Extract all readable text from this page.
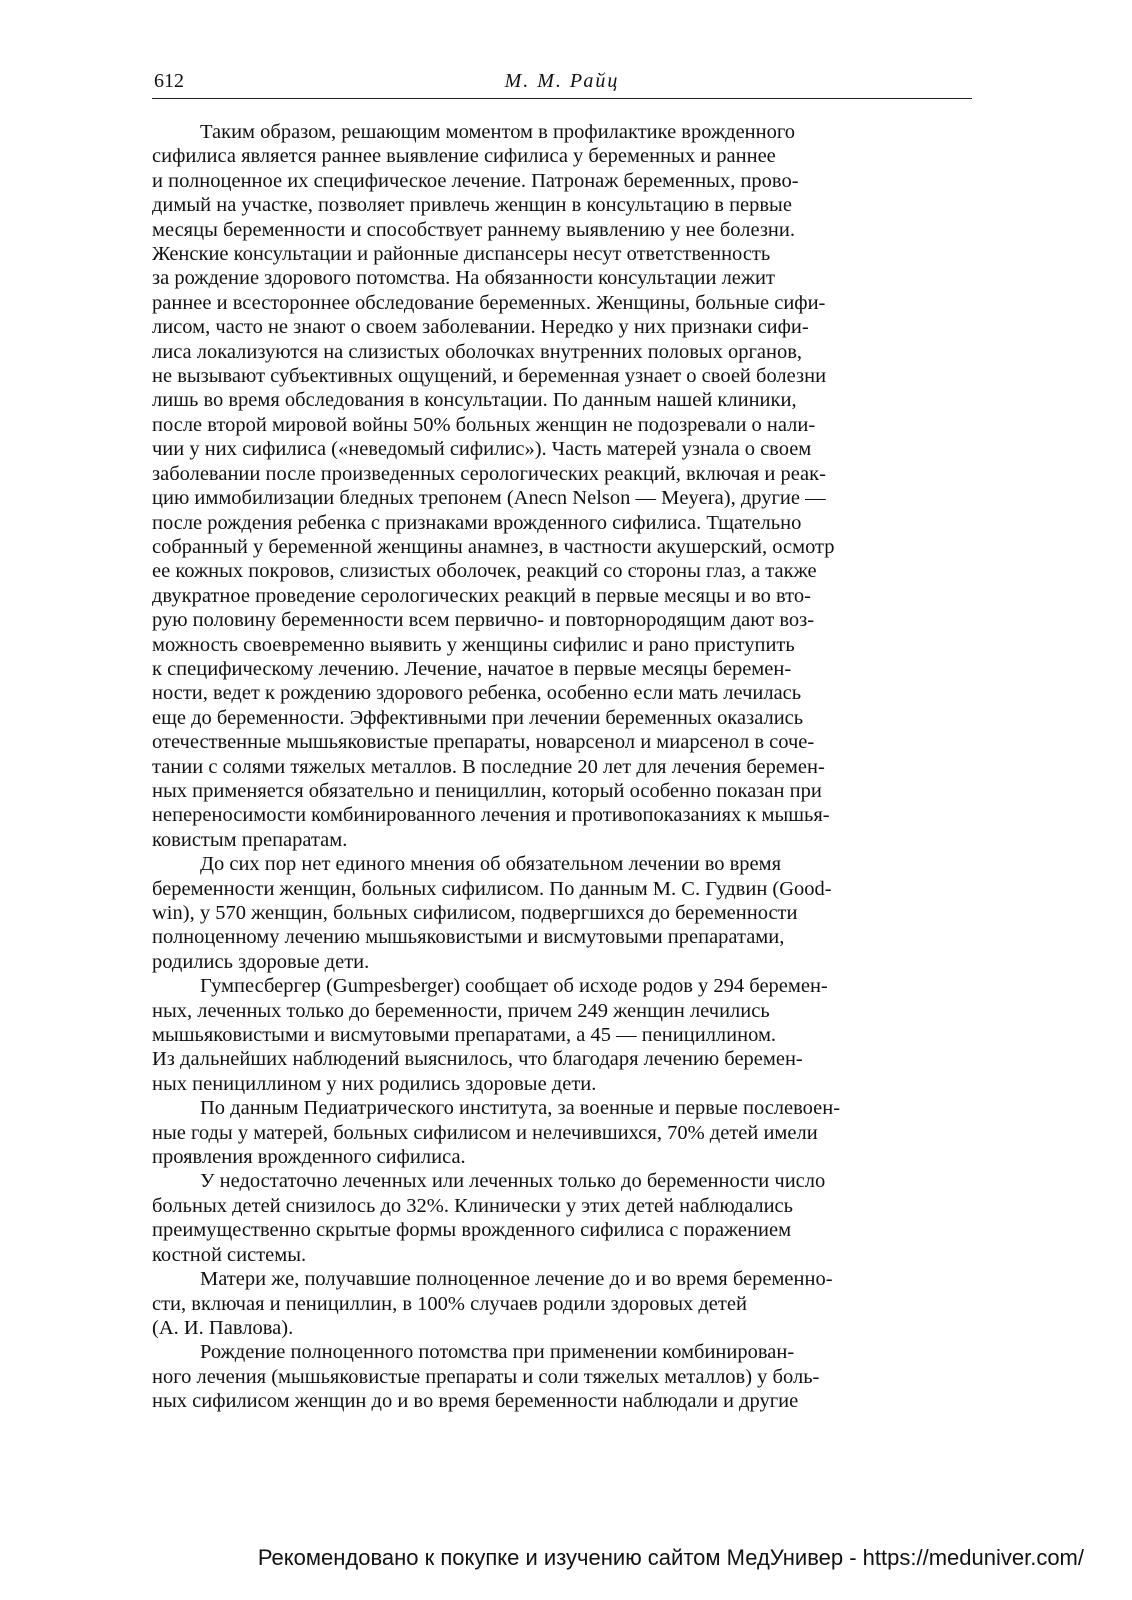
612	М. М. Райц

Таким образом, решающим моментом в профилактике врожденного
сифилиса является раннее выявление сифилиса у беременных и раннее
и полноценное их специфическое лечение. Патронаж беременных, прово-
димый на участке, позволяет привлечь женщин в консультацию в первые
месяцы беременности и способствует раннему выявлению у нее болезни.
Женские консультации и районные диспансеры несут ответственность
за рождение здорового потомства. На обязанности консультации лежит
раннее и всестороннее обследование беременных. Женщины, больные сифи-
лисом, часто не знают о своем заболевании. Нередко у них признаки сифи-
лиса локализуются на слизистых оболочках внутренних половых органов,
не вызывают субъективных ощущений, и беременная узнает о своей болезни
лишь во время обследования в консультации. По данным нашей клиники,
после второй мировой войны 50% больных женщин не подозревали о нали-
чии у них сифилиса («неведомый сифилис»). Часть матерей узнала о своем
заболевании после произведенных серологических реакций, включая и реак-
цию иммобилизации бледных трепонем (Anecn Nelson — Meyera), другие —
после рождения ребенка с признаками врожденного сифилиса. Тщательно
собранный у беременной женщины анамнез, в частности акушерский, осмотр
ее кожных покровов, слизистых оболочек, реакций со стороны глаз, а также
двукратное проведение серологических реакций в первые месяцы и во вто-
рую половину беременности всем первично- и повторнородящим дают воз-
можность своевременно выявить у женщины сифилис и рано приступить
к специфическому лечению. Лечение, начатое в первые месяцы беремен-
ности, ведет к рождению здорового ребенка, особенно если мать лечилась
еще до беременности. Эффективными при лечении беременных оказались
отечественные мышьяковистые препараты, новарсенол и миарсенол в соче-
тании с солями тяжелых металлов. В последние 20 лет для лечения беремен-
ных применяется обязательно и пенициллин, который особенно показан при
непереносимости комбинированного лечения и противопоказаниях к мышья-
ковистым препаратам.

До сих пор нет единого мнения об обязательном лечении во время
беременности женщин, больных сифилисом. По данным М. С. Гудвин (Good-
win), у 570 женщин, больных сифилисом, подвергшихся до беременности
полноценному лечению мышьяковистыми и висмутовыми препаратами,
родились здоровые дети.

Гумпесбергер (Gumpesberger) сообщает об исходе родов у 294 беремен-
ных, леченных только до беременности, причем 249 женщин лечились
мышьяковистыми и висмутовыми препаратами, а 45 — пенициллином.
Из дальнейших наблюдений выяснилось, что благодаря лечению беремен-
ных пенициллином у них родились здоровые дети.

По данным Педиатрического института, за военные и первые послевоен-
ные годы у матерей, больных сифилисом и нелечившихся, 70% детей имели
проявления врожденного сифилиса.

У недостаточно леченных или леченных только до беременности число
больных детей снизилось до 32%. Клинически у этих детей наблюдались
преимущественно скрытые формы врожденного сифилиса с поражением
костной системы.

Матери же, получавшие полноценное лечение до и во время беременно-
сти, включая и пенициллин, в 100% случаев родили здоровых детей
(А. И. Павлова).

Рождение полноценного потомства при применении комбинирован-
ного лечения (мышьяковистые препараты и соли тяжелых металлов) у боль-
ных сифилисом женщин до и во время беременности наблюдали и другие

Рекомендовано к покупке и изучению сайтом МедУнивер - https://meduniver.com/
